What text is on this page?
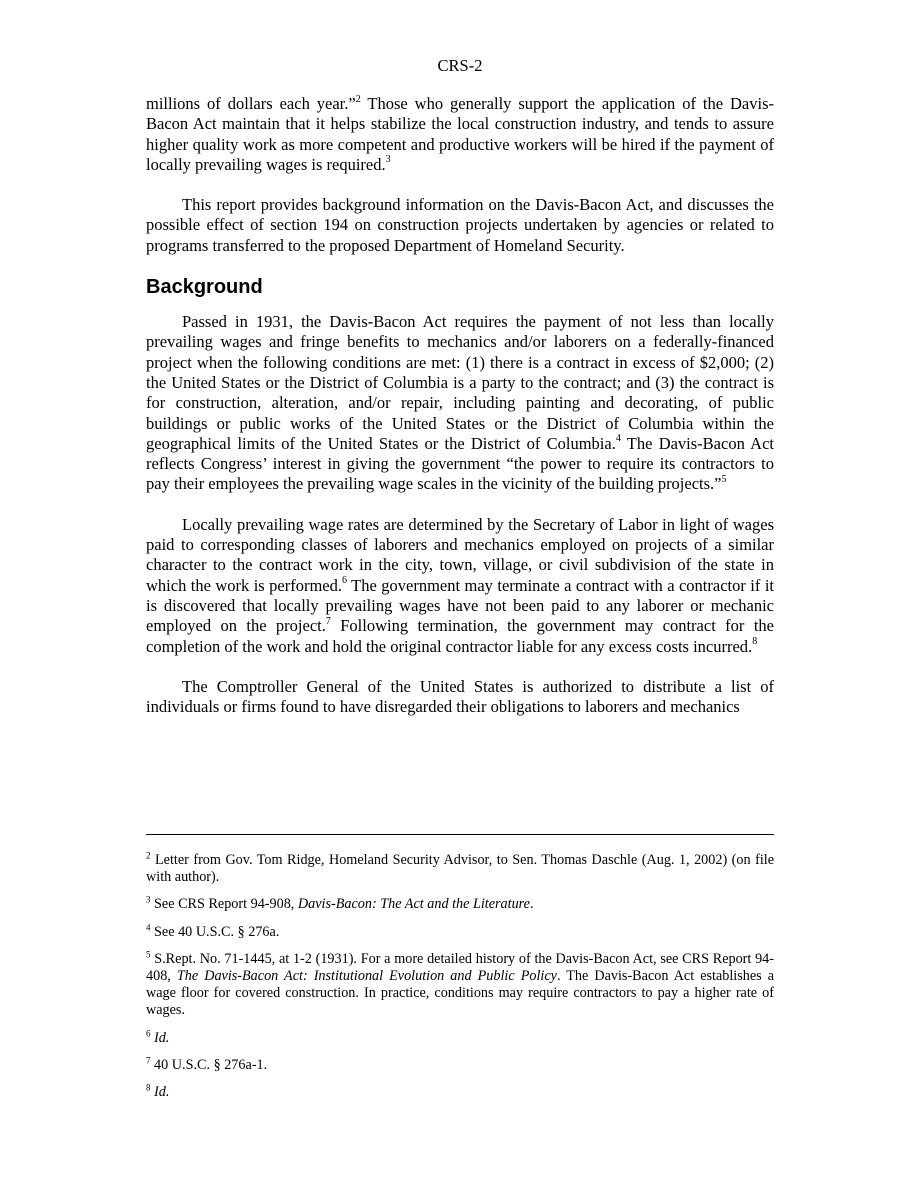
CRS-2

millions of dollars each year.”$^2$ Those who generally support the application of the Davis-Bacon Act maintain that it helps stabilize the local construction industry, and tends to assure higher quality work as more competent and productive workers will be hired if the payment of locally prevailing wages is required.$^3$

This report provides background information on the Davis-Bacon Act, and discusses the possible effect of section 194 on construction projects undertaken by agencies or related to programs transferred to the proposed Department of Homeland Security.

Background

Passed in 1931, the Davis-Bacon Act requires the payment of not less than locally prevailing wages and fringe benefits to mechanics and/or laborers on a federally-financed project when the following conditions are met: (1) there is a contract in excess of $2,000; (2) the United States or the District of Columbia is a party to the contract; and (3) the contract is for construction, alteration, and/or repair, including painting and decorating, of public buildings or public works of the United States or the District of Columbia within the geographical limits of the United States or the District of Columbia.$^4$ The Davis-Bacon Act reflects Congress’ interest in giving the government “the power to require its contractors to pay their employees the prevailing wage scales in the vicinity of the building projects.”$^5$

Locally prevailing wage rates are determined by the Secretary of Labor in light of wages paid to corresponding classes of laborers and mechanics employed on projects of a similar character to the contract work in the city, town, village, or civil subdivision of the state in which the work is performed.$^6$ The government may terminate a contract with a contractor if it is discovered that locally prevailing wages have not been paid to any laborer or mechanic employed on the project.$^7$ Following termination, the government may contract for the completion of the work and hold the original contractor liable for any excess costs incurred.$^8$

The Comptroller General of the United States is authorized to distribute a list of individuals or firms found to have disregarded their obligations to laborers and mechanics

$^2$ Letter from Gov. Tom Ridge, Homeland Security Advisor, to Sen. Thomas Daschle (Aug. 1, 2002) (on file with author).

$^3$ See CRS Report 94-908, Davis-Bacon: The Act and the Literature.

$^4$ See 40 U.S.C. § 276a.

$^5$ S.Rept. No. 71-1445, at 1-2 (1931). For a more detailed history of the Davis-Bacon Act, see CRS Report 94-408, The Davis-Bacon Act: Institutional Evolution and Public Policy. The Davis-Bacon Act establishes a wage floor for covered construction. In practice, conditions may require contractors to pay a higher rate of wages.

$^6$ Id.

$^7$ 40 U.S.C. § 276a-1.

$^8$ Id.
